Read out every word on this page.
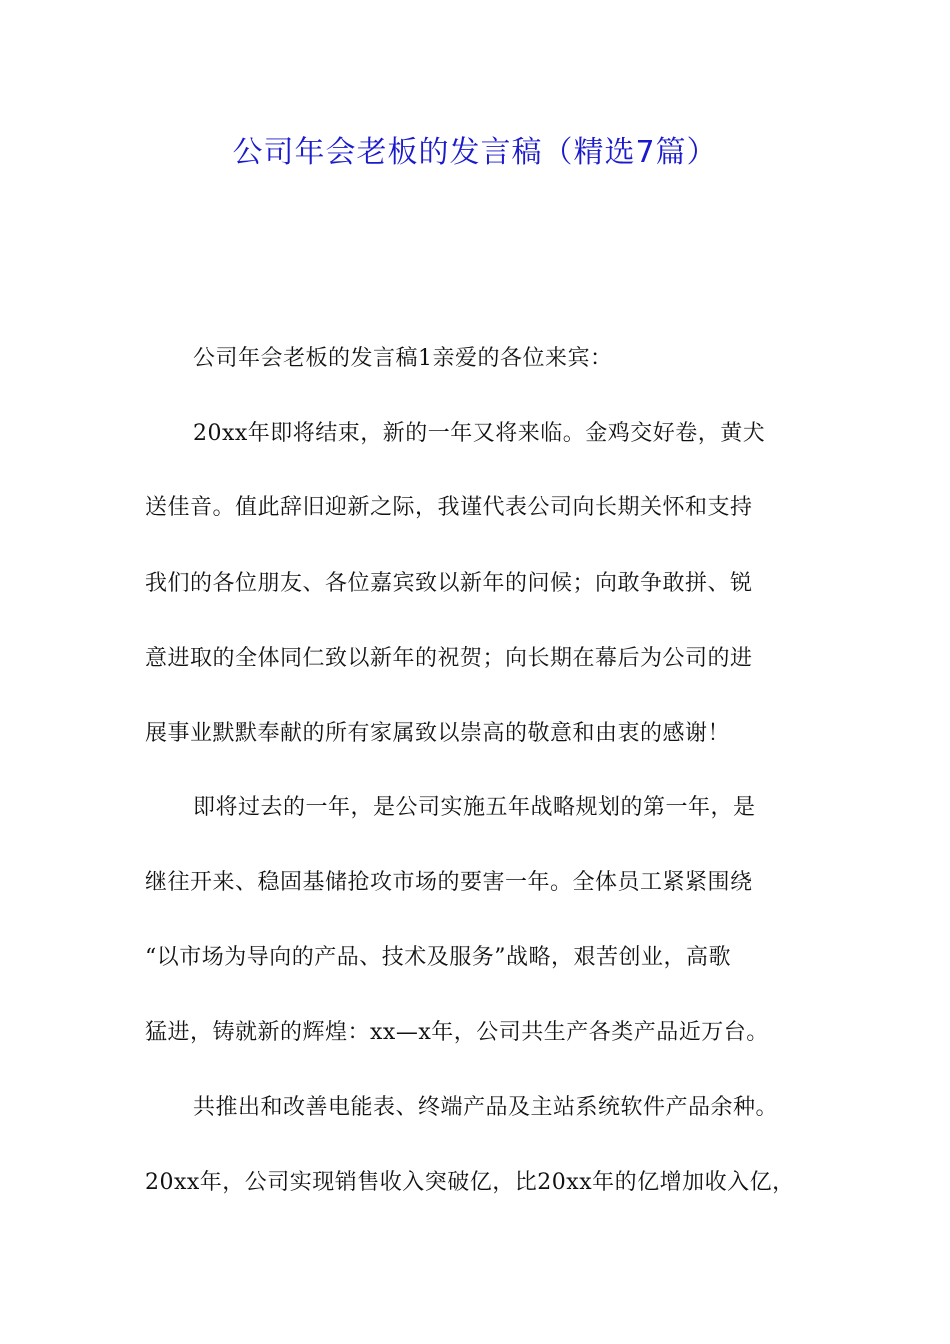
公司年会老板的发言稿（精选7篇）
公司年会老板的发言稿1亲爱的各位来宾：
20xx年即将结束，新的一年又将来临。金鸡交好卷，黄犬
送佳音。值此辞旧迎新之际，我谨代表公司向长期关怀和支持
我们的各位朋友、各位嘉宾致以新年的问候；向敢争敢拼、锐
意进取的全体同仁致以新年的祝贺；向长期在幕后为公司的进
展事业默默奉献的所有家属致以崇高的敬意和由衷的感谢！
即将过去的一年，是公司实施五年战略规划的第一年，是
继往开来、稳固基储抢攻市场的要害一年。全体员工紧紧围绕
“以市场为导向的产品、技术及服务”战略，艰苦创业，高歌
猛进，铸就新的辉煌：xx—x年，公司共生产各类产品近万台。
共推出和改善电能表、终端产品及主站系统软件产品余种。
20xx年，公司实现销售收入突破亿，比20xx年的亿增加收入亿，
